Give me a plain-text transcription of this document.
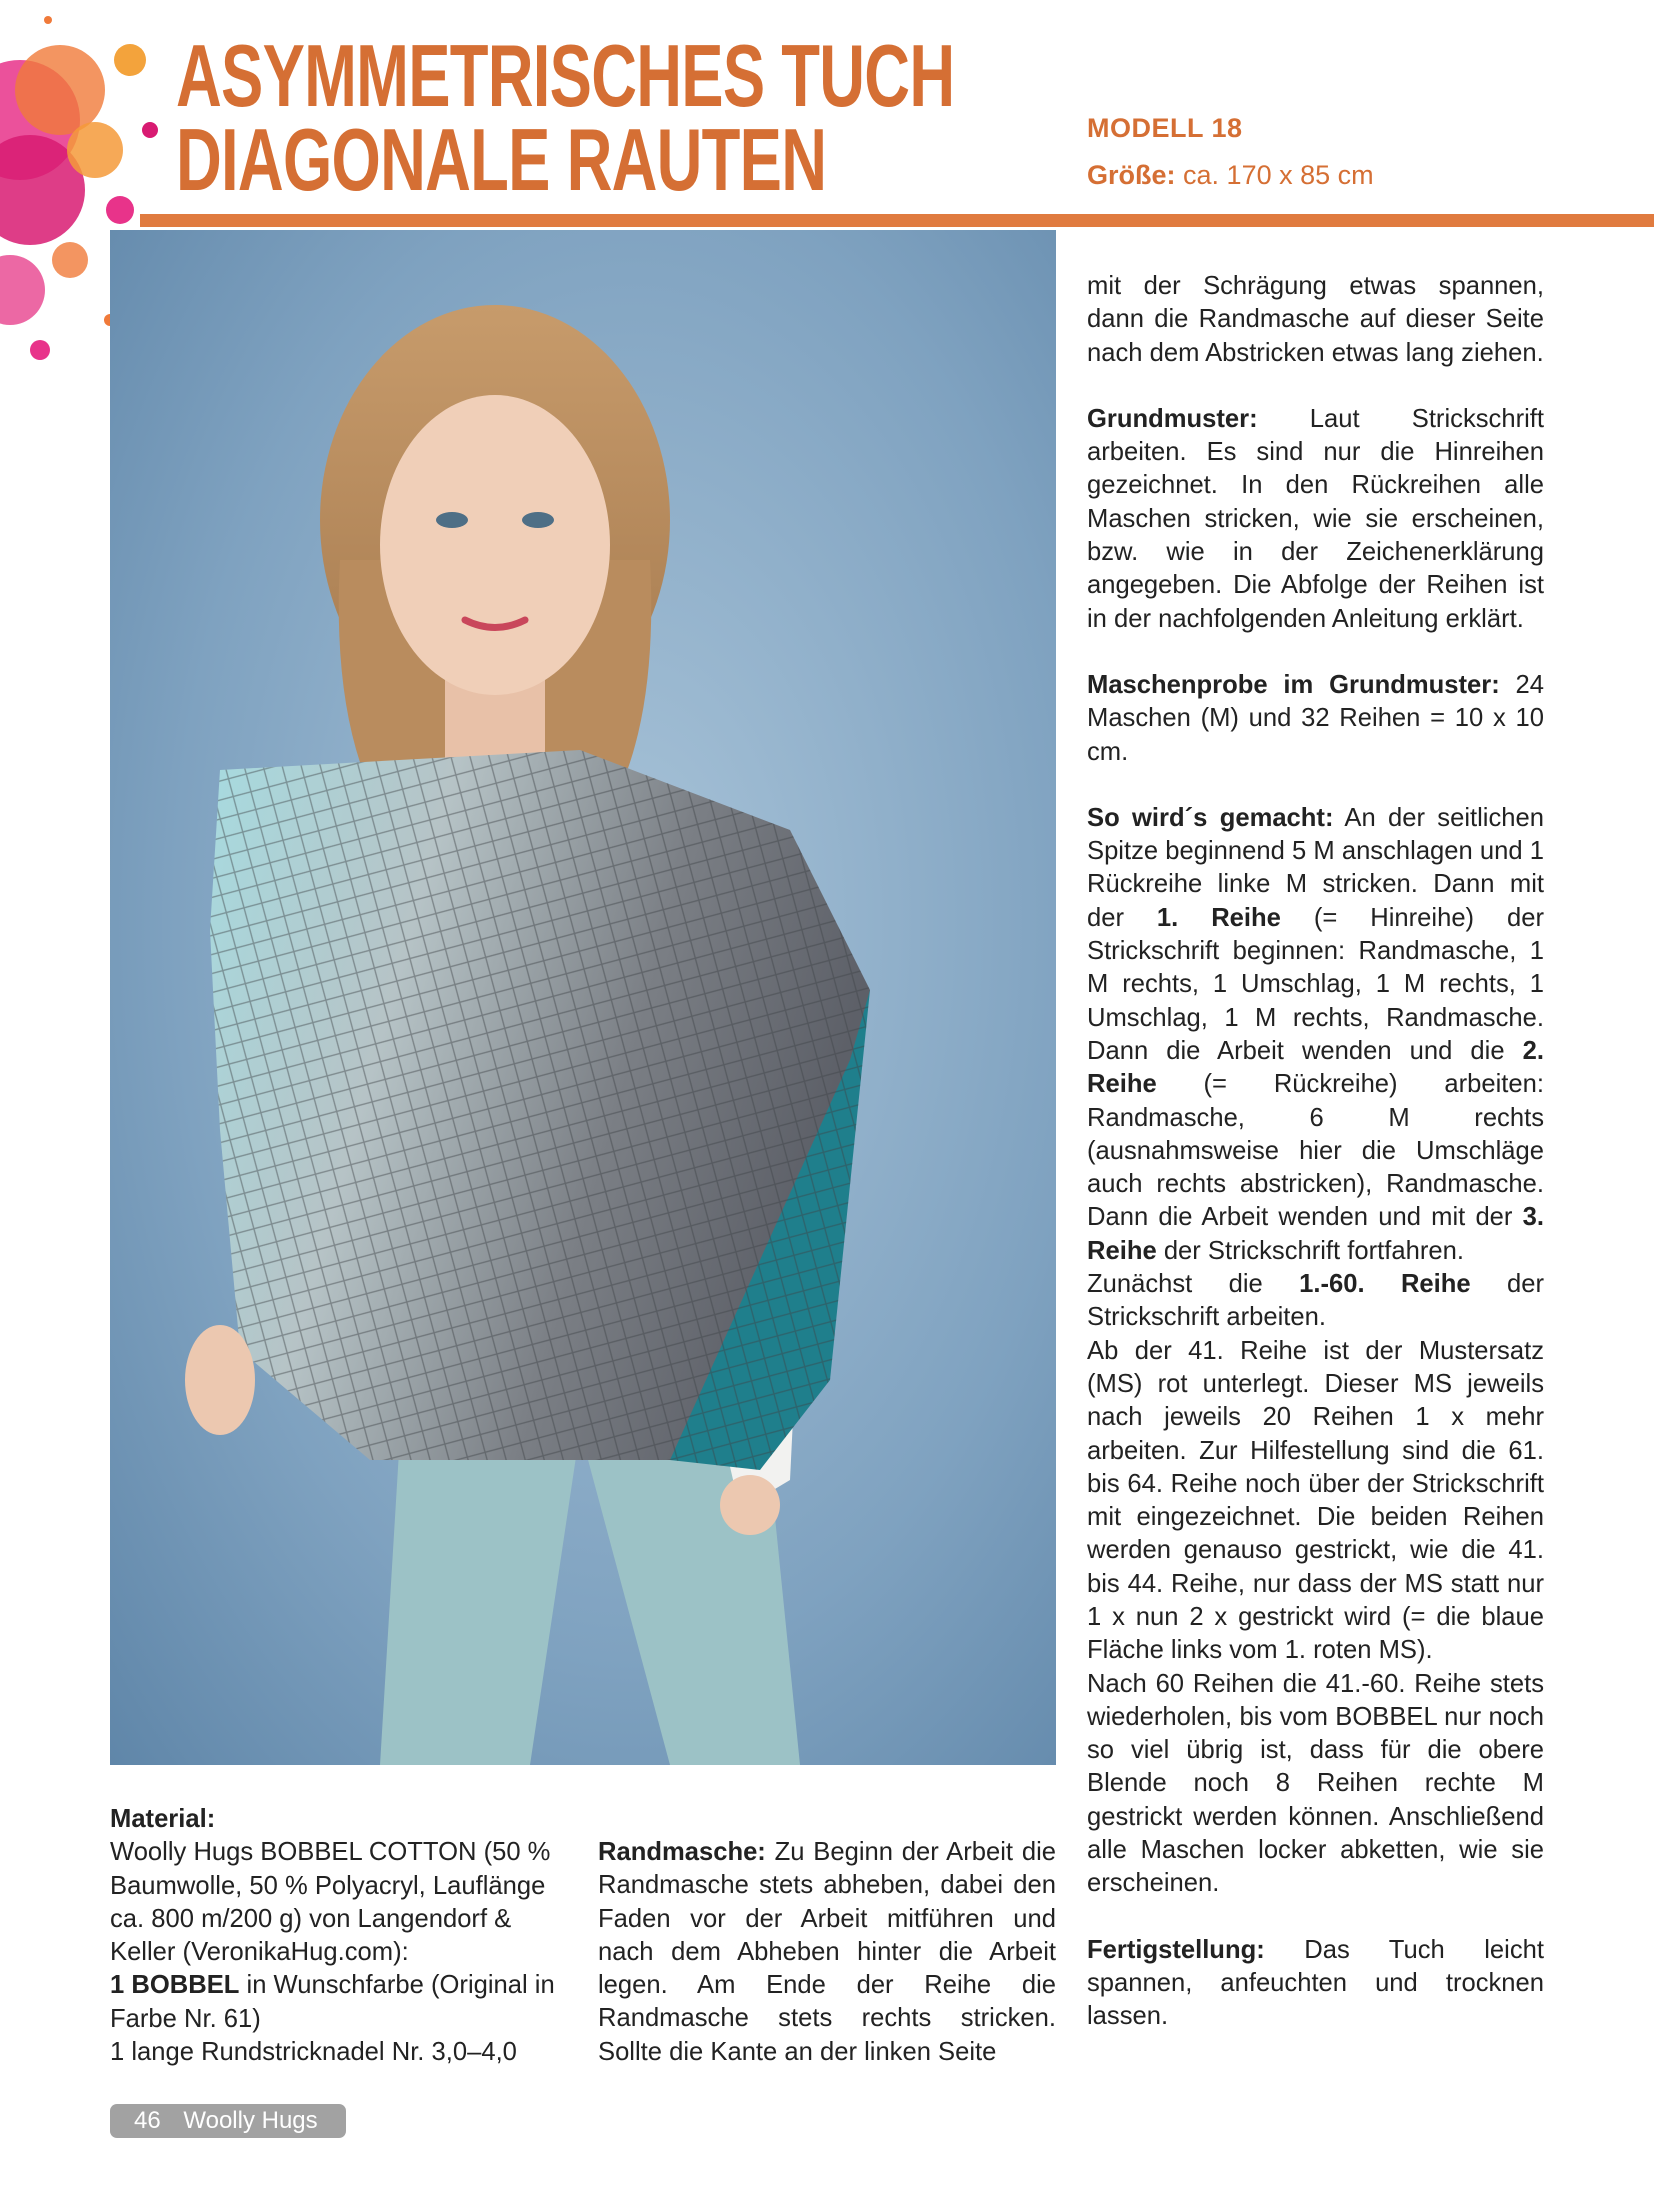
ASYMMETRISCHES TUCH
DIAGONALE RAUTEN	MODELL 18
Größe: ca. 170 x 85 cm

Material:

Woolly Hugs BOBBEL COTTON (50 % Baumwolle, 50 % Polyacryl, Lauflänge ca. 800 m/200 g) von Langendorf & Keller (VeronikaHug.com):

1 BOBBEL in Wunschfarbe (Original in Farbe Nr. 61)

1 lange Rundstricknadel Nr. 3,0–4,0

Randmasche: Zu Beginn der Arbeit die Randmasche stets abheben, dabei den Faden vor der Arbeit mitführen und nach dem Abheben hinter die Arbeit legen. Am Ende der Reihe die Randmasche stets rechts stricken. Sollte die Kante an der linken Seite

mit der Schrägung etwas spannen, dann die Randmasche auf dieser Seite nach dem Abstricken etwas lang ziehen.

Grundmuster: Laut Strickschrift arbeiten. Es sind nur die Hinreihen gezeichnet. In den Rückreihen alle Maschen stricken, wie sie erscheinen, bzw. wie in der Zeichenerklärung angegeben. Die Abfolge der Reihen ist in der nachfolgenden Anleitung erklärt.

Maschenprobe im Grundmuster: 24 Maschen (M) und 32 Reihen = 10 x 10 cm.

So wird´s gemacht: An der seitlichen Spitze beginnend 5 M anschlagen und 1 Rückreihe linke M stricken. Dann mit der 1. Reihe (= Hinreihe) der Strickschrift beginnen: Randmasche, 1 M rechts, 1 Umschlag, 1 M rechts, 1 Umschlag, 1 M rechts, Randmasche. Dann die Arbeit wenden und die 2. Reihe (= Rückreihe) arbeiten: Randmasche, 6 M rechts (ausnahmsweise hier die Umschläge auch rechts abstricken), Randmasche. Dann die Arbeit wenden und mit der 3. Reihe der Strickschrift fortfahren.

Zunächst die 1.-60. Reihe der Strickschrift arbeiten.

Ab der 41. Reihe ist der Mustersatz (MS) rot unterlegt. Dieser MS jeweils nach jeweils 20 Reihen 1 x mehr arbeiten. Zur Hilfestellung sind die 61. bis 64. Reihe noch über der Strickschrift mit eingezeichnet. Die beiden Reihen werden genauso gestrickt, wie die 41. bis 44. Reihe, nur dass der MS statt nur 1 x nun 2 x gestrickt wird (= die blaue Fläche links vom 1. roten MS).

Nach 60 Reihen die 41.-60. Reihe stets wiederholen, bis vom BOBBEL nur noch so viel übrig ist, dass für die obere Blende noch 8 Reihen rechte M gestrickt werden können. Anschließend alle Maschen locker abketten, wie sie erscheinen.

Fertigstellung: Das Tuch leicht spannen, anfeuchten und trocknen lassen.

46 Woolly Hugs
